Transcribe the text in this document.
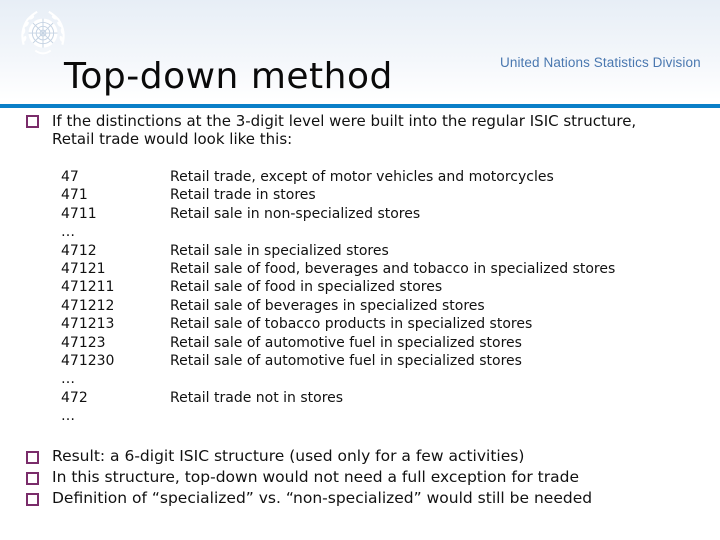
Top-down method	United Nations Statistics Division
If the distinctions at the 3-digit level were built into the regular ISIC structure, Retail trade would look like this:
47	Retail trade, except of motor vehicles and motorcycles
471	Retail trade in stores
4711	Retail sale in non-specialized stores
…
4712	Retail sale in specialized stores
47121	Retail sale of food, beverages and tobacco in specialized stores
471211	Retail sale of food in specialized stores
471212	Retail sale of beverages in specialized stores
471213	Retail sale of tobacco products in specialized stores
47123	Retail sale of automotive fuel in specialized stores
471230	Retail sale of automotive fuel in specialized stores
…
472	Retail trade not in stores
…
Result: a 6-digit ISIC structure (used only for a few activities)
In this structure, top-down would not need a full exception for trade
Definition of “specialized” vs. “non-specialized” would still be needed
